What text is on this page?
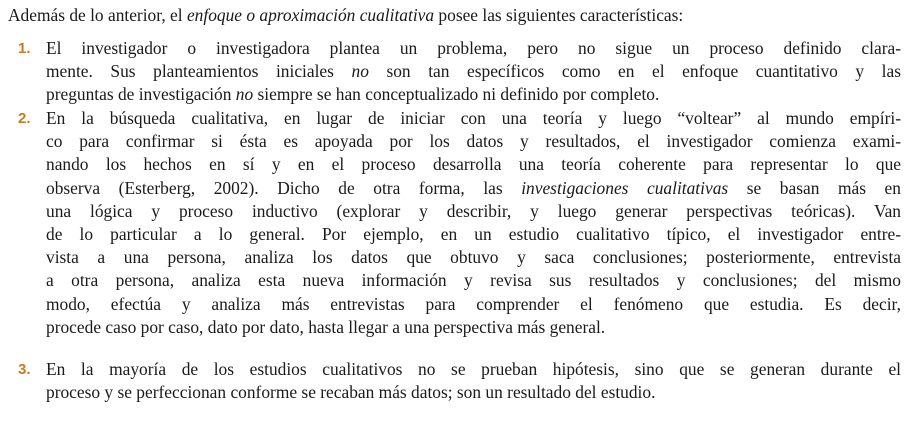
Además de lo anterior, el enfoque o aproximación cualitativa posee las siguientes características:

1. El investigador o investigadora plantea un problema, pero no sigue un proceso definido clara-
mente. Sus planteamientos iniciales no son tan específicos como en el enfoque cuantitativo y las
preguntas de investigación no siempre se han conceptualizado ni definido por completo.
2. En la búsqueda cualitativa, en lugar de iniciar con una teoría y luego “voltear” al mundo empíri-
co para confirmar si ésta es apoyada por los datos y resultados, el investigador comienza exami-
nando los hechos en sí y en el proceso desarrolla una teoría coherente para representar lo que
observa (Esterberg, 2002). Dicho de otra forma, las investigaciones cualitativas se basan más en
una lógica y proceso inductivo (explorar y describir, y luego generar perspectivas teóricas). Van
de lo particular a lo general. Por ejemplo, en un estudio cualitativo típico, el investigador entre-
vista a una persona, analiza los datos que obtuvo y saca conclusiones; posteriormente, entrevista
a otra persona, analiza esta nueva información y revisa sus resultados y conclusiones; del mismo
modo, efectúa y analiza más entrevistas para comprender el fenómeno que estudia. Es decir,
procede caso por caso, dato por dato, hasta llegar a una perspectiva más general.
3. En la mayoría de los estudios cualitativos no se prueban hipótesis, sino que se generan durante el
proceso y se perfeccionan conforme se recaban más datos; son un resultado del estudio.
